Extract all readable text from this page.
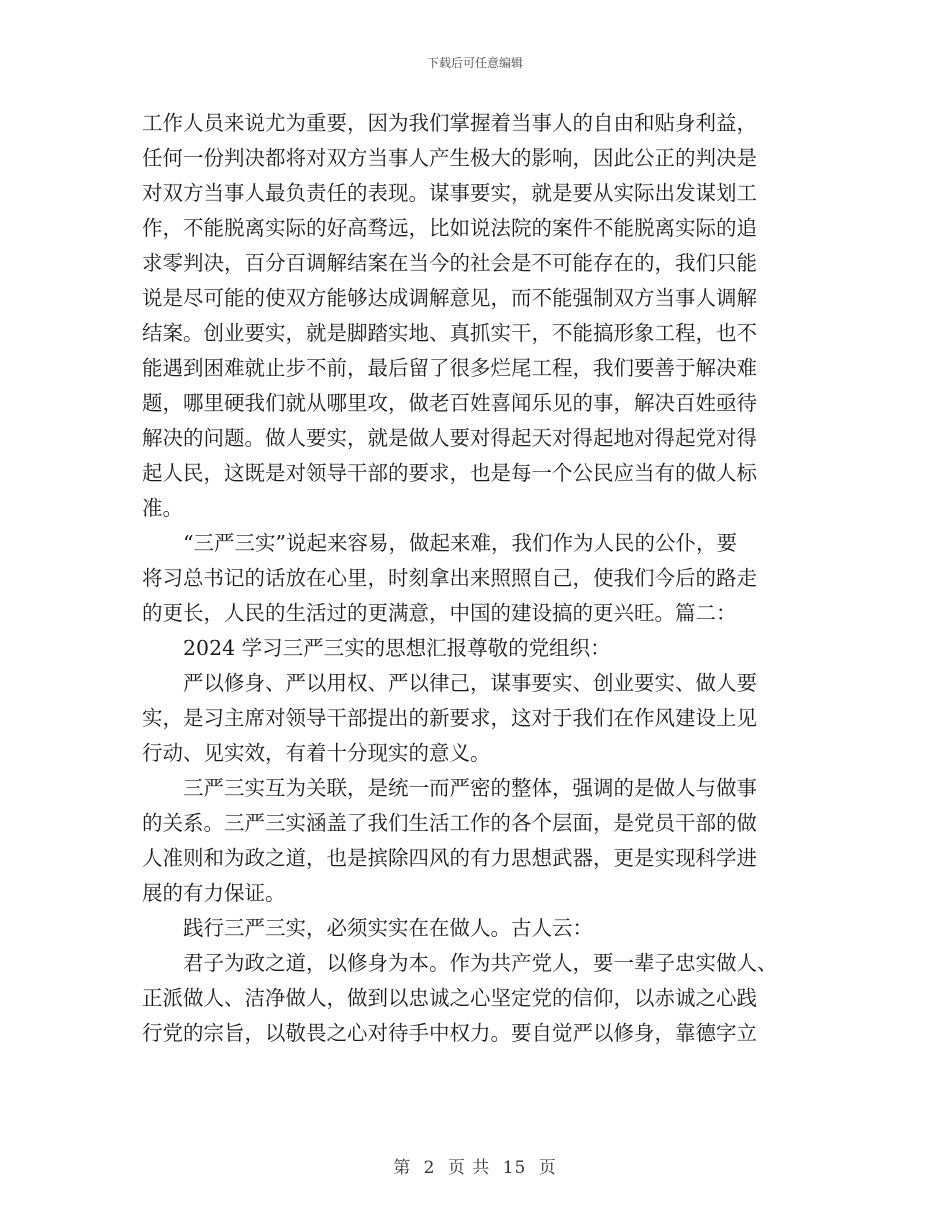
下载后可任意编辑
工作人员来说尤为重要，因为我们掌握着当事人的自由和贴身利益，
任何一份判决都将对双方当事人产生极大的影响，因此公正的判决是
对双方当事人最负责任的表现。谋事要实，就是要从实际出发谋划工
作，不能脱离实际的好高骛远，比如说法院的案件不能脱离实际的追
求零判决，百分百调解结案在当今的社会是不可能存在的，我们只能
说是尽可能的使双方能够达成调解意见，而不能强制双方当事人调解
结案。创业要实，就是脚踏实地、真抓实干，不能搞形象工程，也不
能遇到困难就止步不前，最后留了很多烂尾工程，我们要善于解决难
题，哪里硬我们就从哪里攻，做老百姓喜闻乐见的事，解决百姓亟待
解决的问题。做人要实，就是做人要对得起天对得起地对得起党对得
起人民，这既是对领导干部的要求，也是每一个公民应当有的做人标
准。
　　“三严三实”说起来容易，做起来难，我们作为人民的公仆，要
将习总书记的话放在心里，时刻拿出来照照自己，使我们今后的路走
的更长，人民的生活过的更满意，中国的建设搞的更兴旺。篇二：
　　2024 学习三严三实的思想汇报尊敬的党组织：
　　严以修身、严以用权、严以律己，谋事要实、创业要实、做人要
实，是习主席对领导干部提出的新要求，这对于我们在作风建设上见
行动、见实效，有着十分现实的意义。
　　三严三实互为关联，是统一而严密的整体，强调的是做人与做事
的关系。三严三实涵盖了我们生活工作的各个层面，是党员干部的做
人准则和为政之道，也是摈除四风的有力思想武器，更是实现科学进
展的有力保证。
　　践行三严三实，必须实实在在做人。古人云：
　　君子为政之道，以修身为本。作为共产党人，要一辈子忠实做人、
正派做人、洁净做人，做到以忠诚之心坚定党的信仰，以赤诚之心践
行党的宗旨，以敬畏之心对待手中权力。要自觉严以修身，靠德字立
第 2 页 共 15 页
